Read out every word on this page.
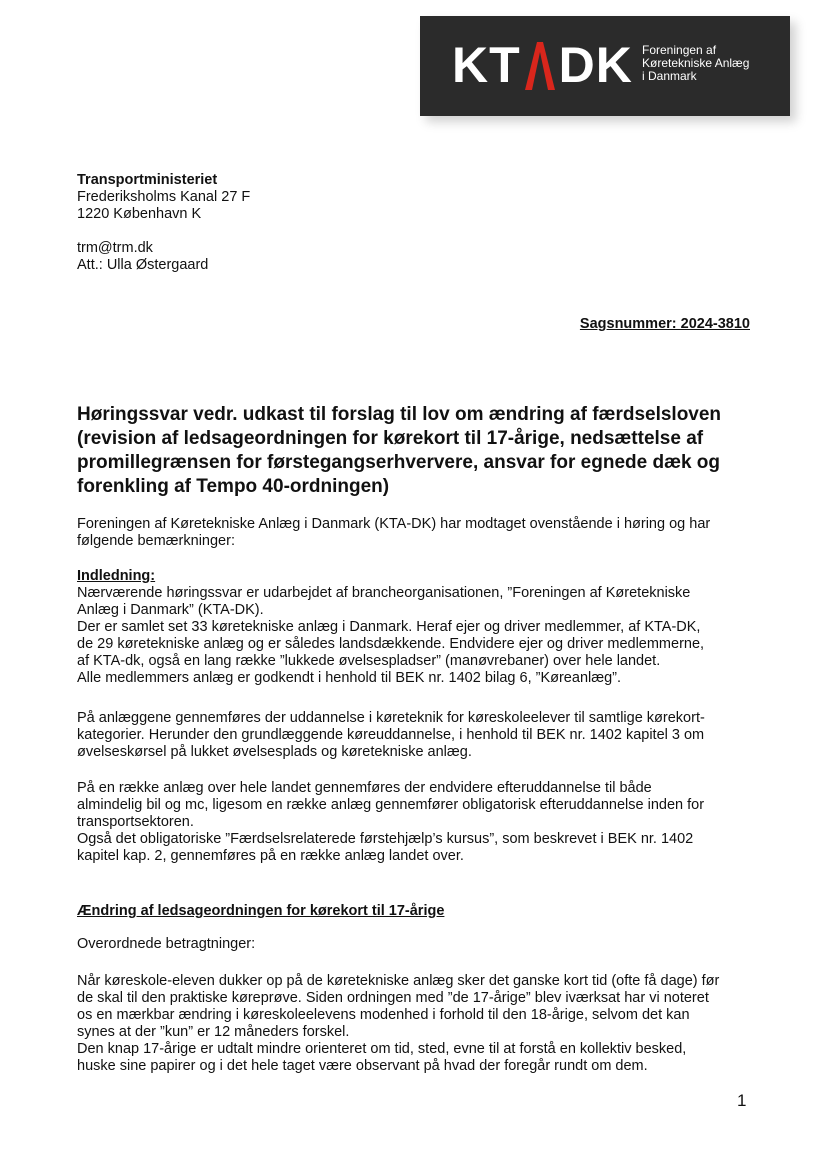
KT DK Foreningen af
Køretekniske Anlæg
i Danmark
Transportministeriet
Frederiksholms Kanal 27 F
1220 København K
trm@trm.dk
Att.: Ulla Østergaard
Sagsnummer: 2024-3810
Høringssvar vedr. udkast til forslag til lov om ændring af færdselsloven (revision af ledsageordningen for kørekort til 17-årige, nedsættelse af promillegrænsen for førstegangserhververe, ansvar for egnede dæk og forenkling af Tempo 40-ordningen)
Foreningen af Køretekniske Anlæg i Danmark (KTA-DK) har modtaget ovenstående i høring og har
følgende bemærkninger:
Indledning:
Nærværende høringssvar er udarbejdet af brancheorganisationen, ”Foreningen af Køretekniske
Anlæg i Danmark” (KTA-DK).
Der er samlet set 33 køretekniske anlæg i Danmark. Heraf ejer og driver medlemmer, af KTA-DK,
de 29 køretekniske anlæg og er således landsdækkende. Endvidere ejer og driver medlemmerne,
af KTA-dk, også en lang række ”lukkede øvelsespladser” (manøvrebaner) over hele landet.
Alle medlemmers anlæg er godkendt i henhold til BEK nr. 1402 bilag 6, ”Køreanlæg”.
På anlæggene gennemføres der uddannelse i køreteknik for køreskoleelever til samtlige kørekort-
kategorier. Herunder den grundlæggende køreuddannelse, i henhold til BEK nr. 1402 kapitel 3 om
øvelseskørsel på lukket øvelsesplads og køretekniske anlæg.
På en række anlæg over hele landet gennemføres der endvidere efteruddannelse til både
almindelig bil og mc, ligesom en række anlæg gennemfører obligatorisk efteruddannelse inden for
transportsektoren.
Også det obligatoriske ”Færdselsrelaterede førstehjælp’s kursus”, som beskrevet i BEK nr. 1402
kapitel kap. 2, gennemføres på en række anlæg landet over.
Ændring af ledsageordningen for kørekort til 17-årige
Overordnede betragtninger:
Når køreskole-eleven dukker op på de køretekniske anlæg sker det ganske kort tid (ofte få dage) før
de skal til den praktiske køreprøve. Siden ordningen med ”de 17-årige” blev iværksat har vi noteret
os en mærkbar ændring i køreskoleelevens modenhed i forhold til den 18-årige, selvom det kan
synes at der ”kun” er 12 måneders forskel.
Den knap 17-årige er udtalt mindre orienteret om tid, sted, evne til at forstå en kollektiv besked,
huske sine papirer og i det hele taget være observant på hvad der foregår rundt om dem.
1
